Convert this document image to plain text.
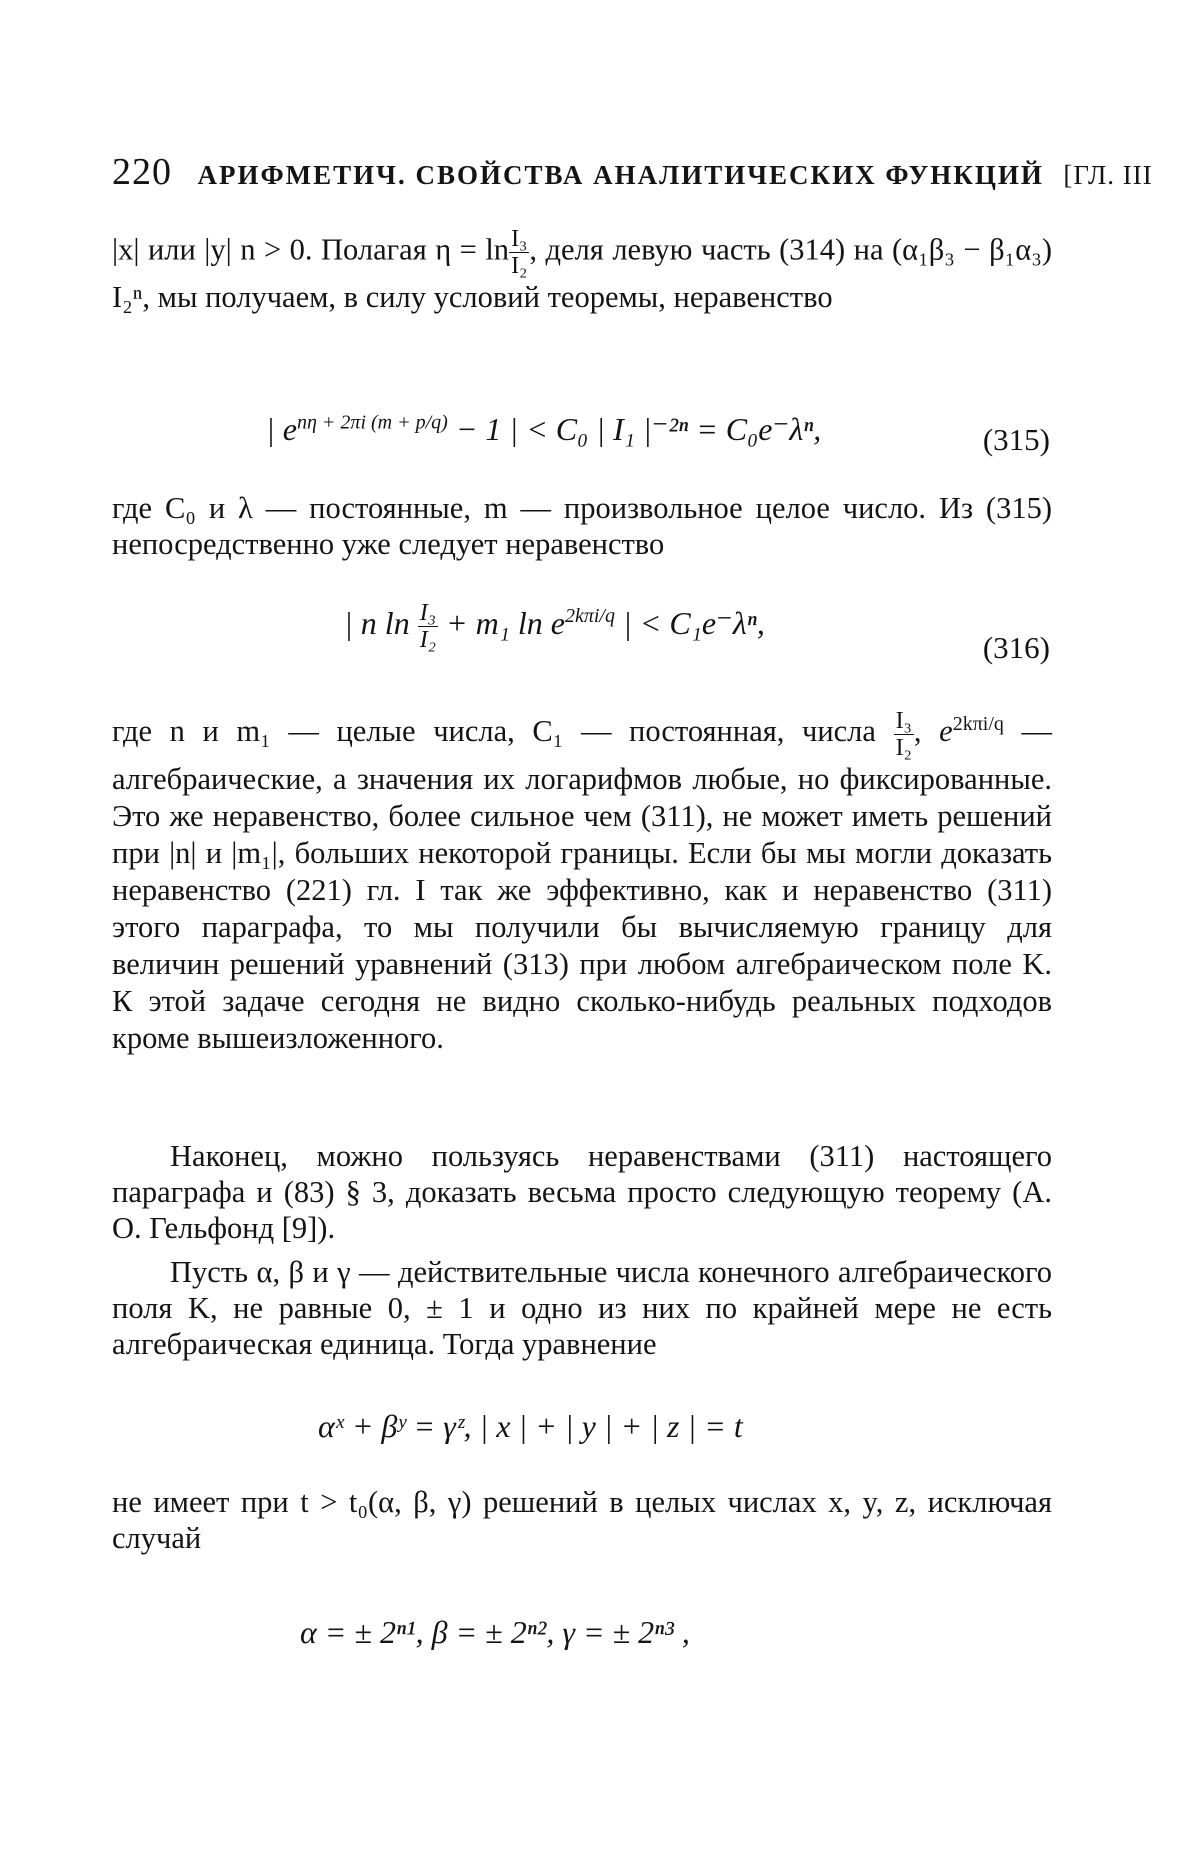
220 АРИФМЕТИЧ. СВОЙСТВА АНАЛИТИЧЕСКИХ ФУНКЦИЙ [ГЛ. III
|x| или |y| n > 0. Полагая $\eta = \ln \frac{\text{I₃}}{\text{I₂}}$ , деля левую часть (314) на (α₁β₃ − β₁α₃) I₂ⁿ, мы получаем, в силу условий теоремы, неравенство
| $e^{n\eta + 2\pi i (m + p/q)} - 1$ | < C₀ | I₁ |⁻²ⁿ = C₀e⁻λⁿ,	(315)
где C₀ и λ — постоянные, m — произвольное целое число. Из (315) непосредственно уже следует неравенство
| n $\ln \frac{\text{I₃}}{\text{I₂}} + m_1$ $\ln e^{2k\pi i/q}$ | < C₁e⁻λⁿ,
(316)
где n и m₁ — целые числа, C₁ — постоянная, числа $\frac{\text{I₃}}{\text{I₂}}$ , $e^{2k\pi i/q}$ — алгебраические, а значения их логарифмов любые, но фиксированные. Это же неравенство, более сильное чем (311), не может иметь решений при |n| и |m₁|, больших некоторой границы. Если бы мы могли доказать неравенство (221) гл. I так же эффективно, как и неравенство (311) этого параграфа, то мы получили бы вычисляемую границу для величин решений уравнений (313) при любом алгебраическом поле K. К этой задаче сегодня не видно сколько-нибудь реальных подходов кроме вышеизложенного.
Наконец, можно пользуясь неравенствами (311) настоящего параграфа и (83) § 3, доказать весьма просто следующую теорему (А. О. Гельфонд [9]).
Пусть α, β и γ — действительные числа конечного алгебраического поля K, не равные 0, ± 1 и одно из них по крайней мере не есть алгебраическая единица. Тогда уравнение
αˣ + βʸ = γᶻ, | x | + | y | + | z | = t
не имеет при t > t₀(α, β, γ) решений в целых числах x, y, z, исключая случай
α = ± 2ⁿ¹, β = ± 2ⁿ², γ = ± 2ⁿ³ ,
